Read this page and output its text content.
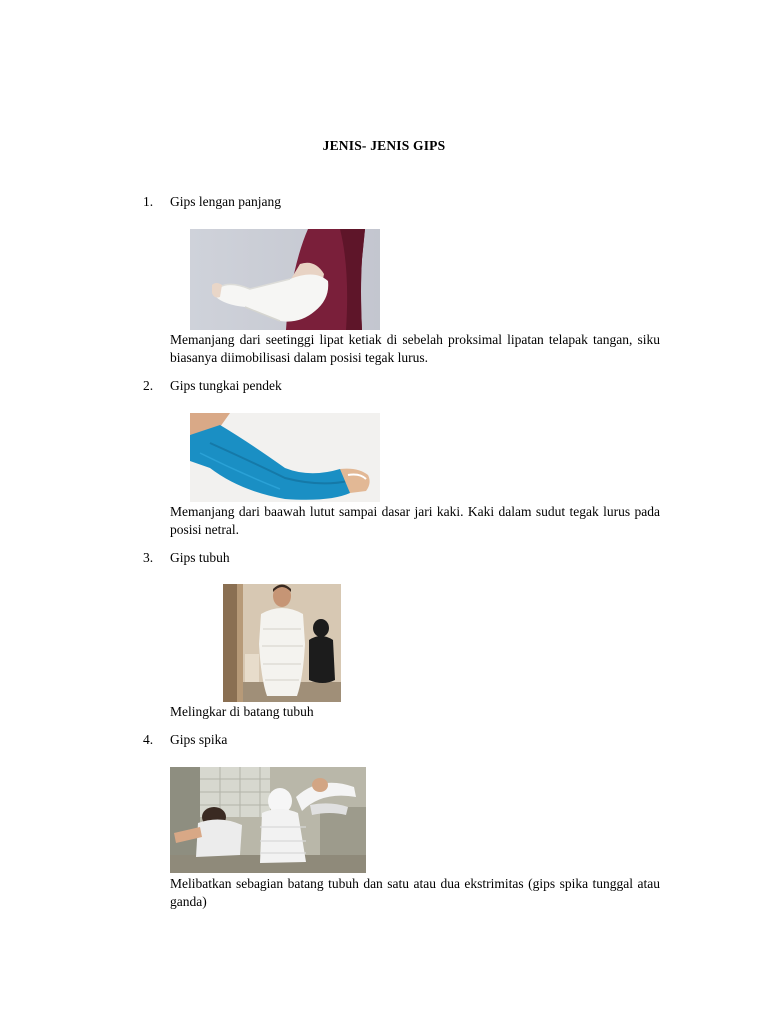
JENIS- JENIS GIPS
1.	Gips lengan panjang
Memanjang dari seetinggi lipat ketiak di sebelah proksimal lipatan telapak tangan, siku biasanya diimobilisasi dalam posisi tegak lurus.
2.	Gips tungkai pendek
Memanjang dari baawah lutut sampai dasar jari kaki. Kaki dalam sudut tegak lurus pada posisi netral.
3.	Gips tubuh
Melingkar di batang tubuh
4.	Gips spika
Melibatkan sebagian batang tubuh dan satu atau dua ekstrimitas (gips spika tunggal atau ganda)
